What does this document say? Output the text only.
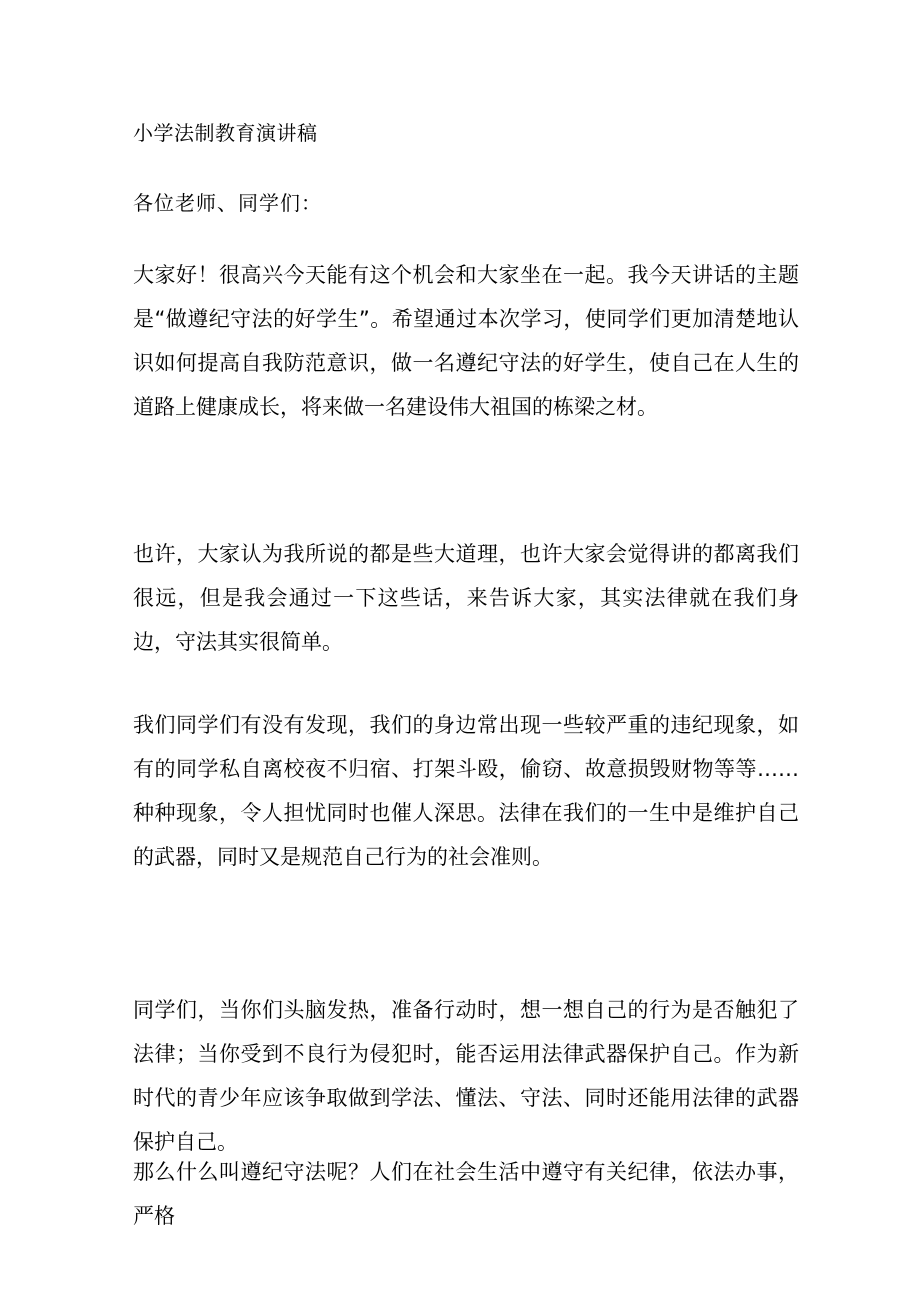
小学法制教育演讲稿
各位老师、同学们：

大家好！很高兴今天能有这个机会和大家坐在一起。我今天讲话的主题是“做遵纪守法的好学生”。希望通过本次学习，使同学们更加清楚地认识如何提高自我防范意识，做一名遵纪守法的好学生，使自己在人生的道路上健康成长，将来做一名建设伟大祖国的栋梁之材。

也许，大家认为我所说的都是些大道理，也许大家会觉得讲的都离我们很远，但是我会通过一下这些话，来告诉大家，其实法律就在我们身边，守法其实很简单。

我们同学们有没有发现，我们的身边常出现一些较严重的违纪现象，如有的同学私自离校夜不归宿、打架斗殴，偷窃、故意损毁财物等等……种种现象，令人担忧同时也催人深思。法律在我们的一生中是维护自己的武器，同时又是规范自己行为的社会准则。

同学们，当你们头脑发热，准备行动时，想一想自己的行为是否触犯了法律；当你受到不良行为侵犯时，能否运用法律武器保护自己。作为新时代的青少年应该争取做到学法、懂法、守法、同时还能用法律的武器保护自己。

那么什么叫遵纪守法呢？人们在社会生活中遵守有关纪律，依法办事，严格
